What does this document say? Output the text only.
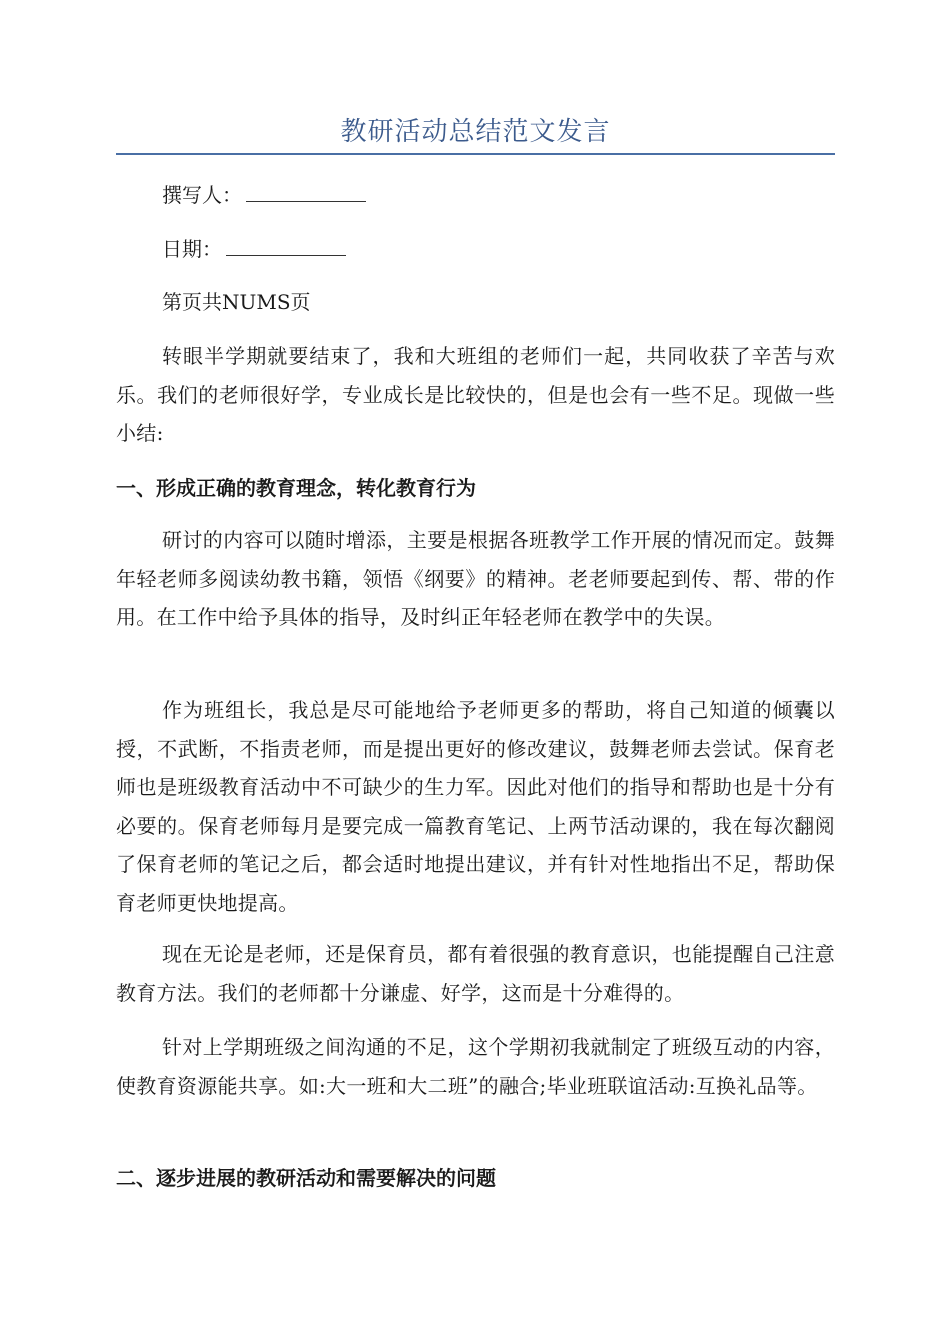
教研活动总结范文发言
撰写人：
日期：
第页共NUMS页

转眼半学期就要结束了，我和大班组的老师们一起，共同收获了辛苦与欢乐。我们的老师很好学，专业成长是比较快的，但是也会有一些不足。现做一些小结:

一、形成正确的教育理念，转化教育行为

研讨的内容可以随时增添，主要是根据各班教学工作开展的情况而定。鼓舞年轻老师多阅读幼教书籍，领悟《纲要》的精神。老老师要起到传、帮、带的作用。在工作中给予具体的指导，及时纠正年轻老师在教学中的失误。

作为班组长，我总是尽可能地给予老师更多的帮助，将自己知道的倾囊以授，不武断，不指责老师，而是提出更好的修改建议，鼓舞老师去尝试。保育老师也是班级教育活动中不可缺少的生力军。因此对他们的指导和帮助也是十分有必要的。保育老师每月是要完成一篇教育笔记、上两节活动课的，我在每次翻阅了保育老师的笔记之后，都会适时地提出建议，并有针对性地指出不足，帮助保育老师更快地提高。

现在无论是老师，还是保育员，都有着很强的教育意识，也能提醒自己注意教育方法。我们的老师都十分谦虚、好学，这而是十分难得的。

针对上学期班级之间沟通的不足，这个学期初我就制定了班级互动的内容，使教育资源能共享。如:大一班和大二班”的融合;毕业班联谊活动:互换礼品等。

二、逐步进展的教研活动和需要解决的问题
